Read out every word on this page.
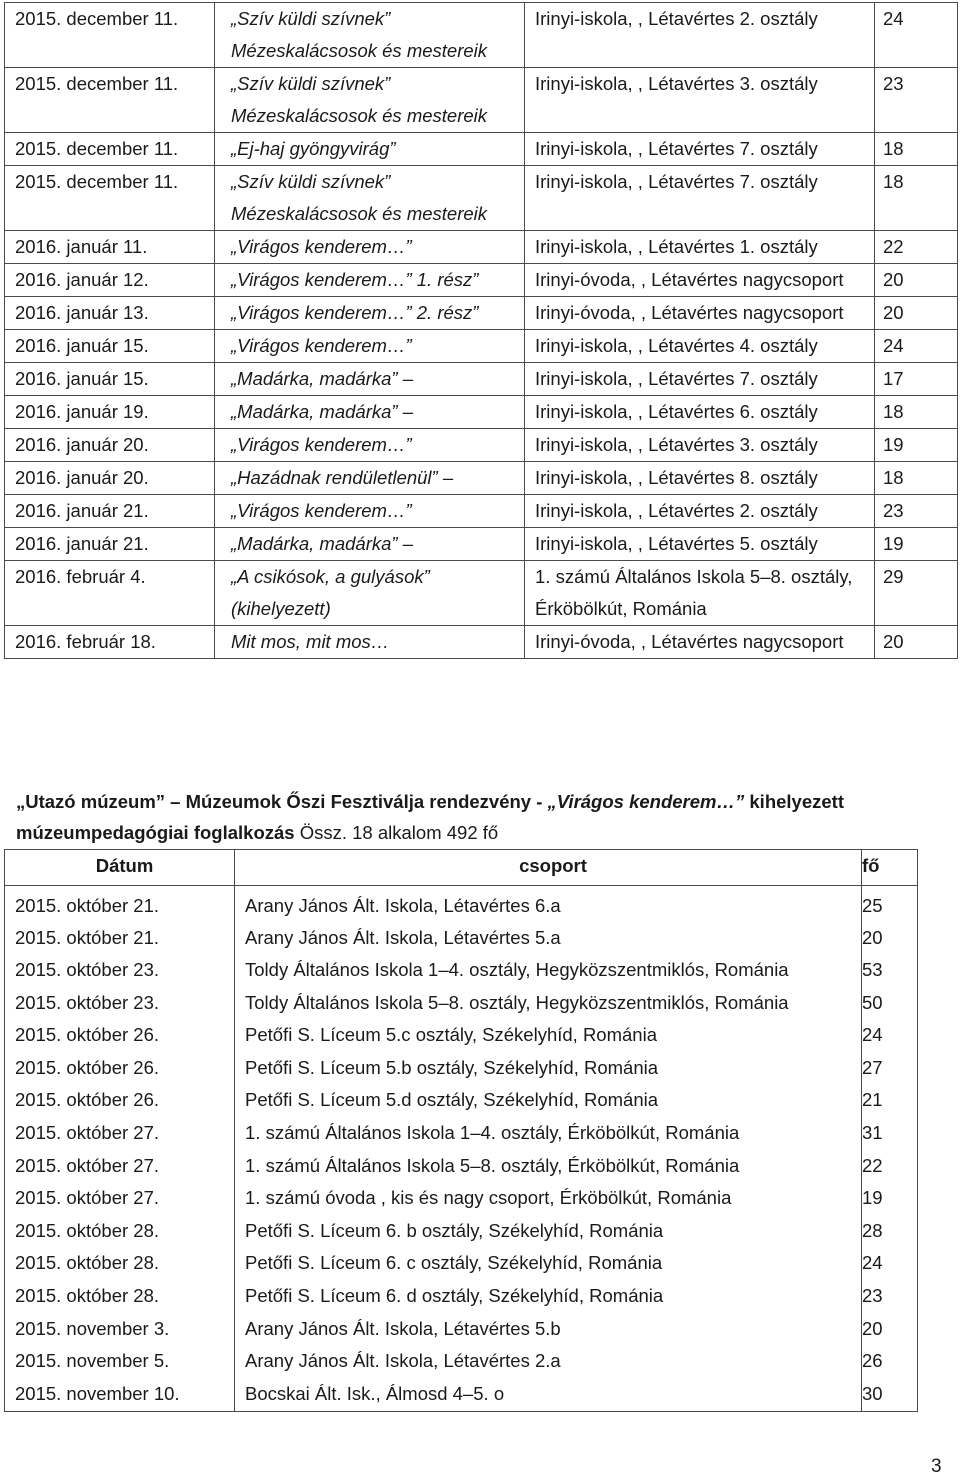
2015. december 11.	„Szív küldi szívnek” Mézeskalácsosok és mestereik	Irinyi-iskola, , Létavértes 2. osztály	24
2015. december 11.	„Szív küldi szívnek” Mézeskalácsosok és mestereik	Irinyi-iskola, , Létavértes 3. osztály	23
2015. december 11.	„Ej-haj gyöngyvirág”	Irinyi-iskola, , Létavértes 7. osztály	18
2015. december 11.	„Szív küldi szívnek” Mézeskalácsosok és mestereik	Irinyi-iskola, , Létavértes 7. osztály	18
2016. január 11.	„Virágos kenderem…”	Irinyi-iskola, , Létavértes 1. osztály	22
2016. január 12.	„Virágos kenderem…” 1. rész”	Irinyi-óvoda, , Létavértes nagycsoport	20
2016. január 13.	„Virágos kenderem…” 2. rész”	Irinyi-óvoda, , Létavértes nagycsoport	20
2016. január 15.	„Virágos kenderem…”	Irinyi-iskola, , Létavértes 4. osztály	24
2016. január 15.	„Madárka, madárka” –	Irinyi-iskola, , Létavértes 7. osztály	17
2016. január 19.	„Madárka, madárka” –	Irinyi-iskola, , Létavértes 6. osztály	18
2016. január 20.	„Virágos kenderem…”	Irinyi-iskola, , Létavértes 3. osztály	19
2016. január 20.	„Hazádnak rendületlenül” –	Irinyi-iskola, , Létavértes 8. osztály	18
2016. január 21.	„Virágos kenderem…”	Irinyi-iskola, , Létavértes 2. osztály	23
2016. január 21.	„Madárka, madárka” –	Irinyi-iskola, , Létavértes 5. osztály	19
2016. február 4.	„A csikósok, a gulyások” (kihelyezett)	1. számú Általános Iskola 5–8. osztály, Érköbölkút, Románia	29
2016. február 18.	Mit mos, mit mos…	Irinyi-óvoda, , Létavértes nagycsoport	20
„Utazó múzeum” – Múzeumok Őszi Fesztiválja rendezvény - „Virágos kenderem…” kihelyezett
múzeumpedagógiai foglalkozás Össz. 18 alkalom 492 fő
Dátum	csoport	fő
2015. október 21.	Arany János Ált. Iskola, Létavértes 6.a	25
2015. október 21.	Arany János Ált. Iskola, Létavértes 5.a	20
2015. október 23.	Toldy Általános Iskola 1–4. osztály, Hegyközszentmiklós, Románia	53
2015. október 23.	Toldy Általános Iskola 5–8. osztály, Hegyközszentmiklós, Románia	50
2015. október 26.	Petőfi S. Líceum 5.c osztály, Székelyhíd, Románia	24
2015. október 26.	Petőfi S. Líceum 5.b osztály, Székelyhíd, Románia	27
2015. október 26.	Petőfi S. Líceum 5.d osztály, Székelyhíd, Románia	21
2015. október 27.	1. számú Általános Iskola 1–4. osztály, Érköbölkút, Románia	31
2015. október 27.	1. számú Általános Iskola 5–8. osztály, Érköbölkút, Románia	22
2015. október 27.	1. számú óvoda , kis és nagy csoport, Érköbölkút, Románia	19
2015. október 28.	Petőfi S. Líceum 6. b osztály, Székelyhíd, Románia	28
2015. október 28.	Petőfi S. Líceum 6. c osztály, Székelyhíd, Románia	24
2015. október 28.	Petőfi S. Líceum 6. d osztály, Székelyhíd, Románia	23
2015. november 3.	Arany János Ált. Iskola, Létavértes 5.b	20
2015. november 5.	Arany János Ált. Iskola, Létavértes 2.a	26
2015. november 10.	Bocskai Ált. Isk., Álmosd 4–5. o	30
3
